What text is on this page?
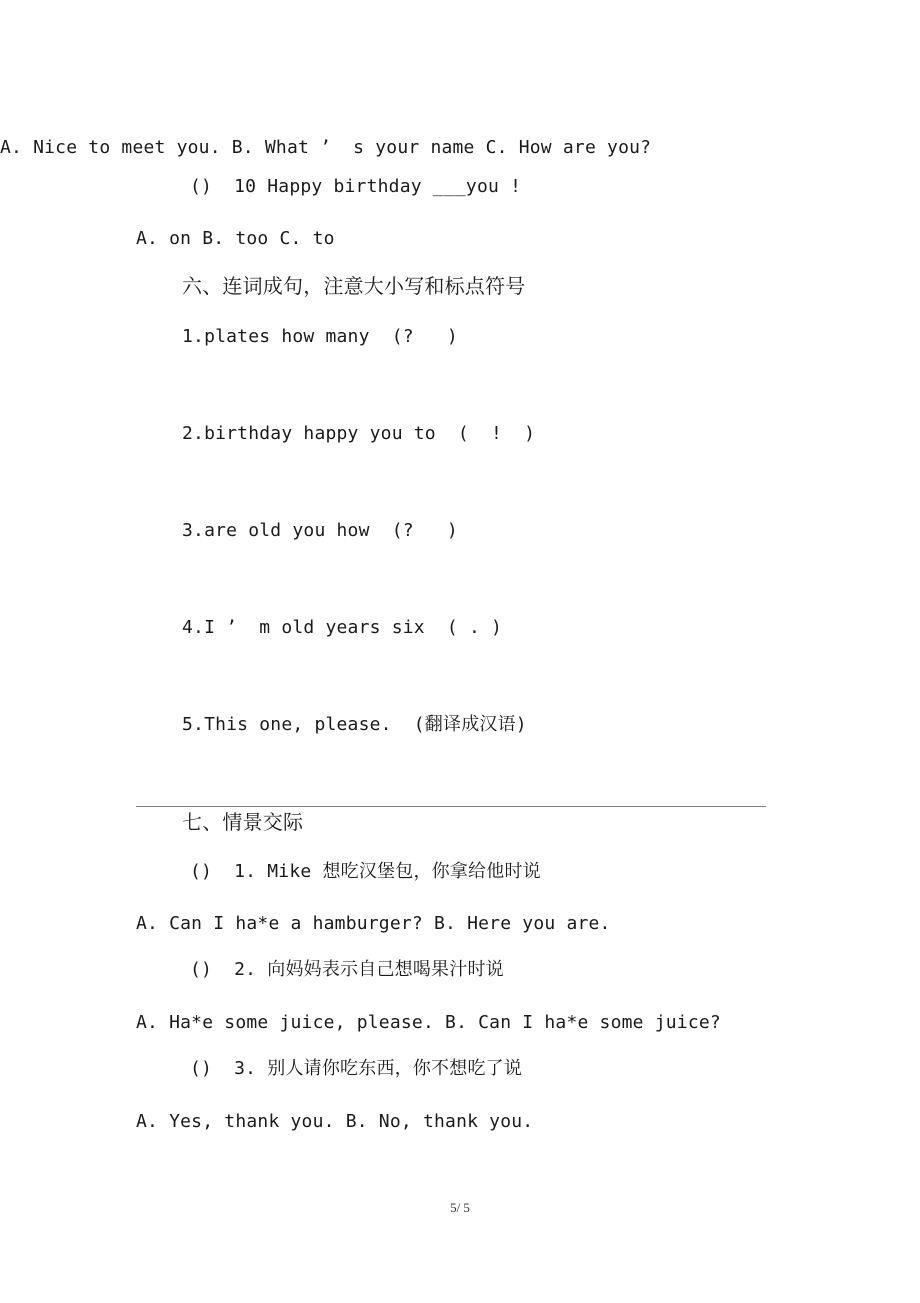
A. Nice to meet you. B. What ’  s your name C. How are you?
()  10 Happy birthday ___you !
A. on B. too C. to
六、连词成句，注意大小写和标点符号
1.plates how many  (?   )
2.birthday happy you to  (  !  )
3.are old you how  (?   )
4.I ’  m old years six  ( . )
5.This one, please.  (翻译成汉语)
七、情景交际
()  1. Mike 想吃汉堡包，你拿给他时说
A. Can I ha*e a hamburger? B. Here you are.
()  2. 向妈妈表示自己想喝果汁时说
A. Ha*e some juice, please. B. Can I ha*e some juice?
()  3. 别人请你吃东西，你不想吃了说
A. Yes, thank you. B. No, thank you.
5/ 5
